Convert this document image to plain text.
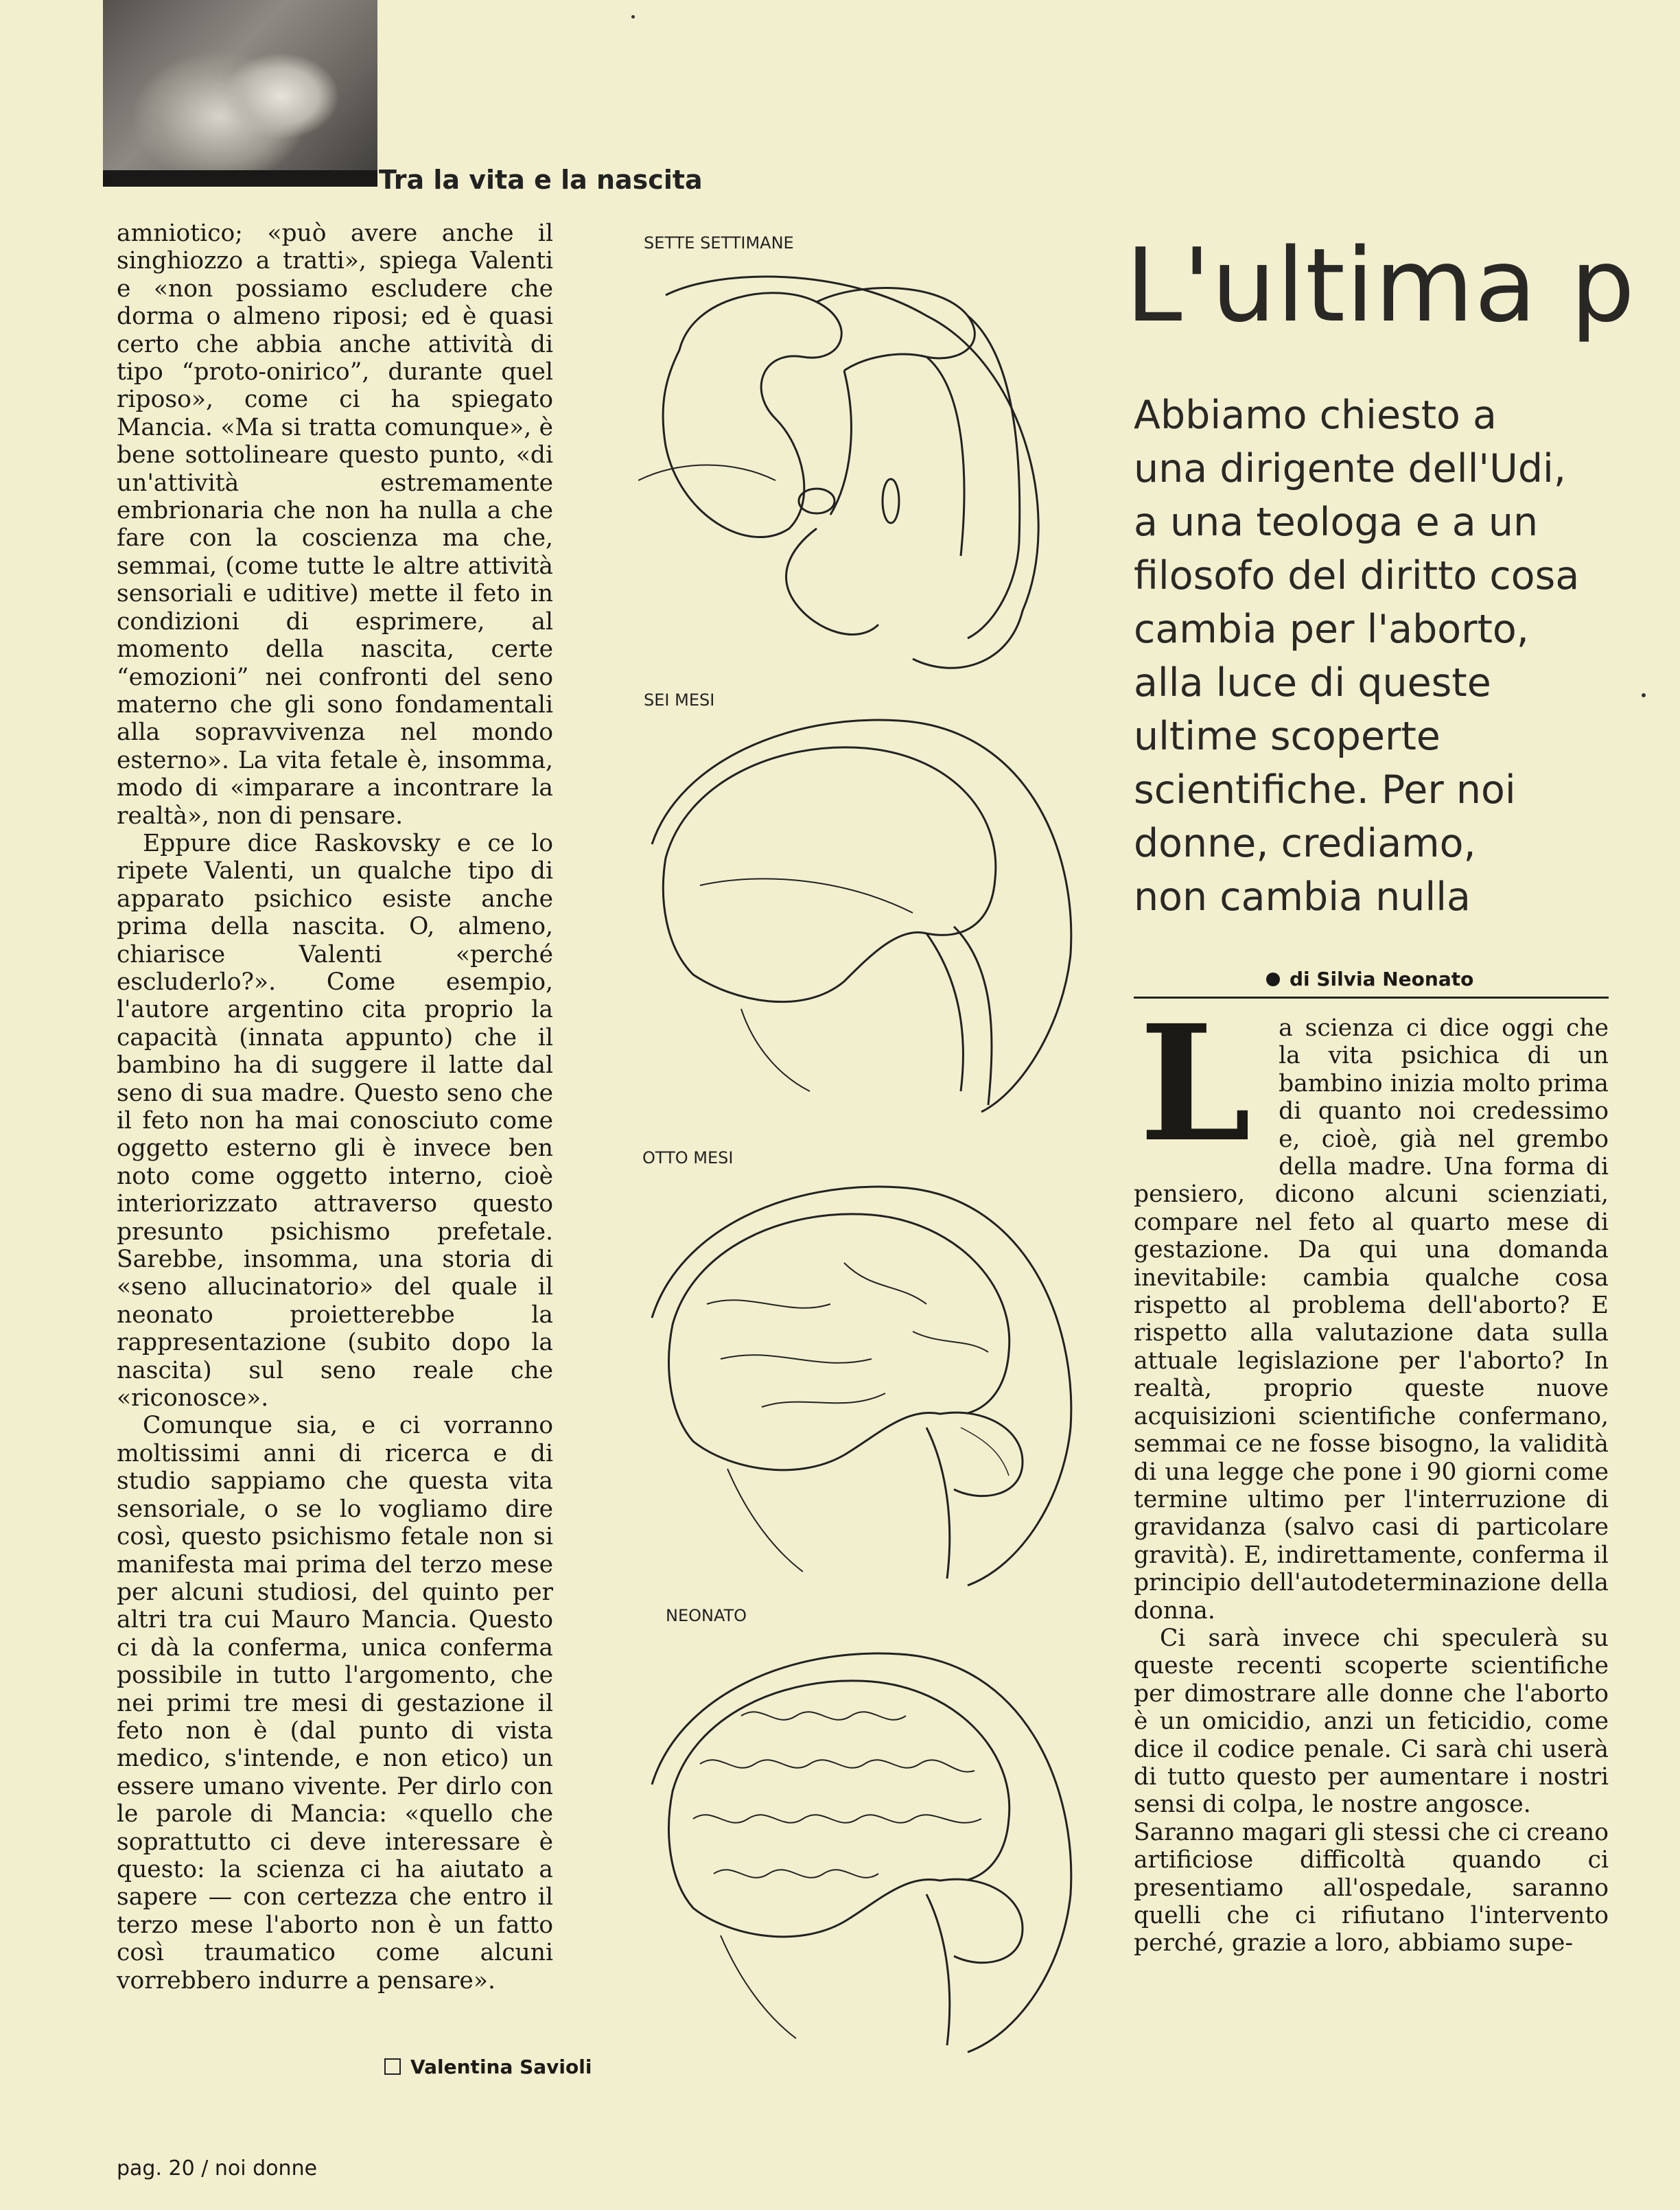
Tra la vita e la nascita

amniotico; «può avere anche il singhiozzo a tratti», spiega Valenti e «non possiamo escludere che dorma o almeno riposi; ed è quasi certo che abbia anche attività di tipo “proto-onirico”, durante quel riposo», come ci ha spiegato Mancia. «Ma si tratta comunque», è bene sottolineare questo punto, «di un'attività estremamente embrionaria che non ha nulla a che fare con la coscienza ma che, semmai, (come tutte le altre attività sensoriali e uditive) mette il feto in condizioni di esprimere, al momento della nascita, certe “emozioni” nei confronti del seno materno che gli sono fondamentali alla sopravvivenza nel mondo esterno». La vita fetale è, insomma, modo di «imparare a incontrare la realtà», non di pensare.

Eppure dice Raskovsky e ce lo ripete Valenti, un qualche tipo di apparato psichico esiste anche prima della nascita. O, almeno, chiarisce Valenti «perché escluderlo?». Come esempio, l'autore argentino cita proprio la capacità (innata appunto) che il bambino ha di suggere il latte dal seno di sua madre. Questo seno che il feto non ha mai conosciuto come oggetto esterno gli è invece ben noto come oggetto interno, cioè interiorizzato attraverso questo presunto psichismo prefetale. Sarebbe, insomma, una storia di «seno allucinatorio» del quale il neonato proietterebbe la rappresentazione (subito dopo la nascita) sul seno reale che «riconosce».

Comunque sia, e ci vorranno moltissimi anni di ricerca e di studio sappiamo che questa vita sensoriale, o se lo vogliamo dire così, questo psichismo fetale non si manifesta mai prima del terzo mese per alcuni studiosi, del quinto per altri tra cui Mauro Mancia. Questo ci dà la conferma, unica conferma possibile in tutto l'argomento, che nei primi tre mesi di gestazione il feto non è (dal punto di vista medico, s'intende, e non etico) un essere umano vivente. Per dirlo con le parole di Mancia: «quello che soprattutto ci deve interessare è questo: la scienza ci ha aiutato a sapere — con certezza che entro il terzo mese l'aborto non è un fatto così traumatico come alcuni vorrebbero indurre a pensare».

Valentina Savioli
SETTE SETTIMANE
SEI MESI
OTTO MESI
NEONATO
L'ultima p
Abbiamo chiesto a
una dirigente dell'Udi,
a una teologa e a un
filosofo del diritto cosa
cambia per l'aborto,
alla luce di queste
ultime scoperte
scientifiche. Per noi
donne, crediamo,
non cambia nulla
di Silvia Neonato

L a scienza ci dice oggi che la vita psichica di un bambino inizia molto prima di quanto noi credessimo e, cioè, già nel grembo della madre. Una forma di pensiero, dicono alcuni scienziati, compare nel feto al quarto mese di gestazione. Da qui una domanda inevitabile: cambia qualche cosa rispetto al problema dell'aborto? E rispetto alla valutazione data sulla attuale legislazione per l'aborto? In realtà, proprio queste nuove acquisizioni scientifiche confermano, semmai ce ne fosse bisogno, la validità di una legge che pone i 90 giorni come termine ultimo per l'interruzione di gravidanza (salvo casi di particolare gravità). E, indirettamente, conferma il principio dell'autodeterminazione della donna.

Ci sarà invece chi speculerà su queste recenti scoperte scientifiche per dimostrare alle donne che l'aborto è un omicidio, anzi un feticidio, come dice il codice penale. Ci sarà chi userà di tutto questo per aumentare i nostri sensi di colpa, le nostre angosce.

Saranno magari gli stessi che ci creano artificiose difficoltà quando ci presentiamo all'ospedale, saranno quelli che ci rifiutano l'intervento perché, grazie a loro, abbiamo supe-

pag. 20 / noi donne
